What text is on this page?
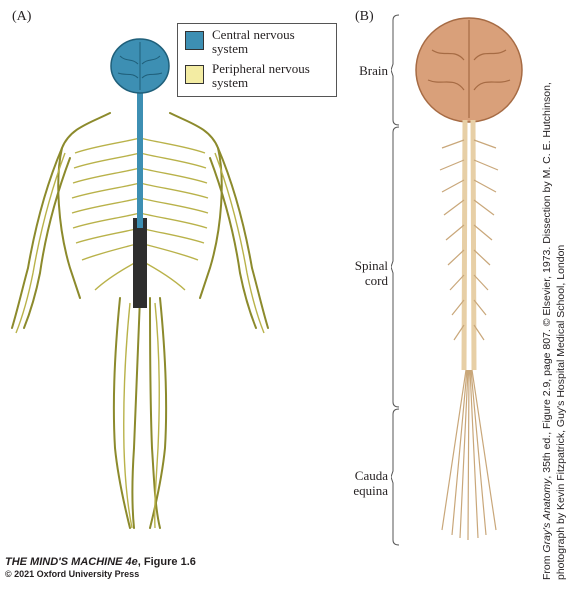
(A)	(B)
Central nervous system
Peripheral nervous system
Brain
Spinal
cord
Cauda
equina
From Gray's Anatomy, 35th ed., Figure 2.9, page 807. © Elsevier, 1973. Dissection by M. C. E. Hutchinson, photograph by Kevin Fitzpatrick, Guy's Hospital Medical School, London
THE MIND'S MACHINE 4e, Figure 1.6
© 2021 Oxford University Press
